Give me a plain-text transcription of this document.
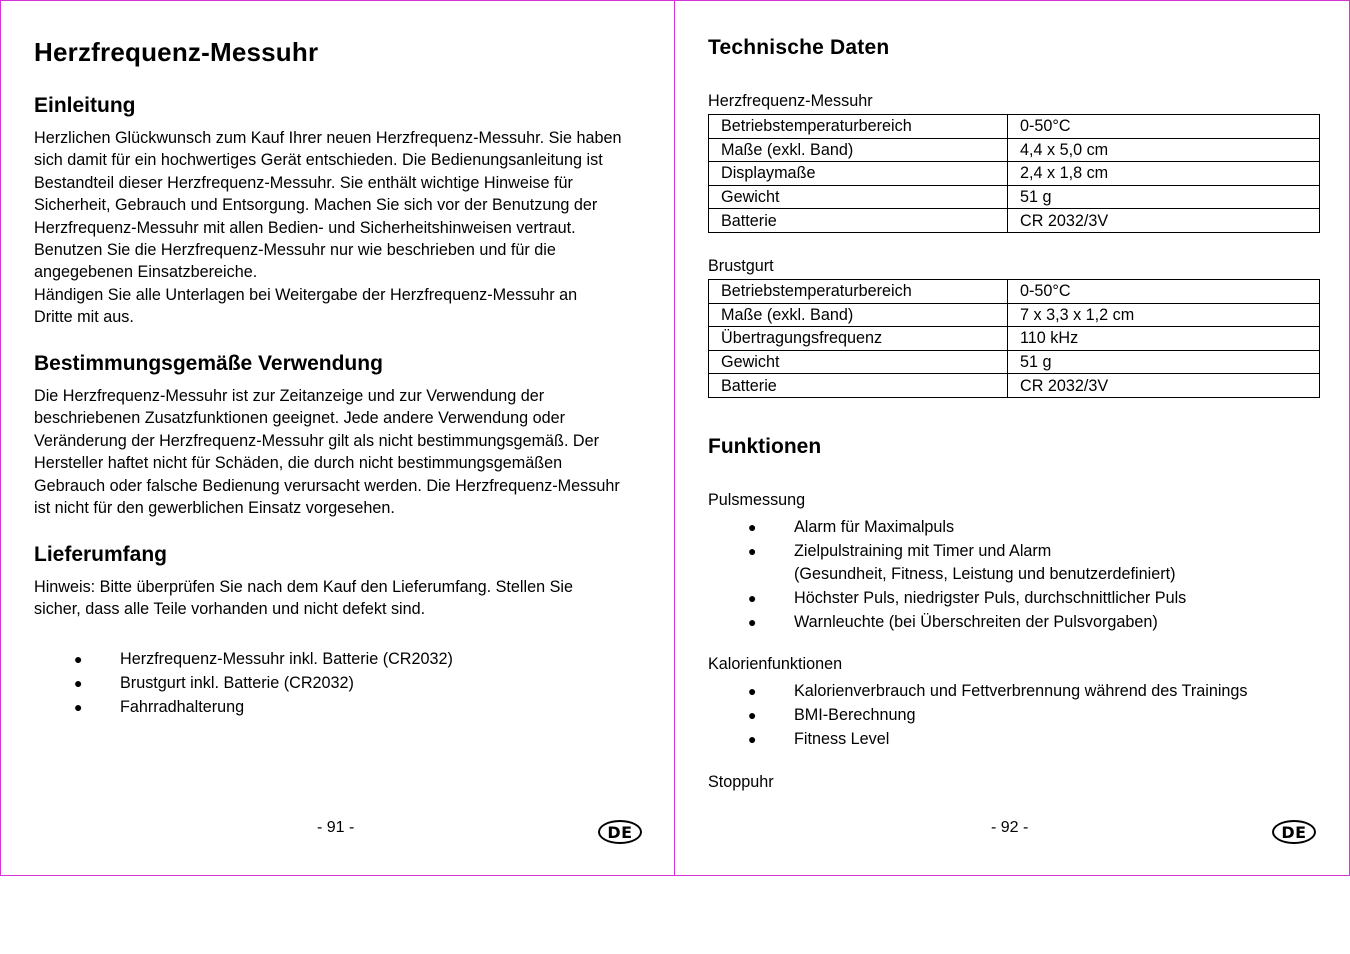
Herzfrequenz-Messuhr
Einleitung
Herzlichen Glückwunsch zum Kauf Ihrer neuen Herzfrequenz-Messuhr. Sie haben
sich damit für ein hochwertiges Gerät entschieden. Die Bedienungsanleitung ist
Bestandteil dieser Herzfrequenz-Messuhr. Sie enthält wichtige Hinweise für
Sicherheit, Gebrauch und Entsorgung. Machen Sie sich vor der Benutzung der
Herzfrequenz-Messuhr mit allen Bedien- und Sicherheitshinweisen vertraut.
Benutzen Sie die Herzfrequenz-Messuhr nur wie beschrieben und für die
angegebenen Einsatzbereiche.
Händigen Sie alle Unterlagen bei Weitergabe der Herzfrequenz-Messuhr an
Dritte mit aus.
Bestimmungsgemäße Verwendung
Die Herzfrequenz-Messuhr ist zur Zeitanzeige und zur Verwendung der
beschriebenen Zusatzfunktionen geeignet. Jede andere Verwendung oder
Veränderung der Herzfrequenz-Messuhr gilt als nicht bestimmungsgemäß. Der
Hersteller haftet nicht für Schäden, die durch nicht bestimmungsgemäßen
Gebrauch oder falsche Bedienung verursacht werden. Die Herzfrequenz-Messuhr
ist nicht für den gewerblichen Einsatz vorgesehen.
Lieferumfang
Hinweis: Bitte überprüfen Sie nach dem Kauf den Lieferumfang. Stellen Sie
sicher, dass alle Teile vorhanden und nicht defekt sind.
● Herzfrequenz-Messuhr inkl. Batterie (CR2032)
● Brustgurt inkl. Batterie (CR2032)
● Fahrradhalterung
- 91 -	DE
Technische Daten
Herzfrequenz-Messuhr
Betriebstemperaturbereich	0-50°C
Maße (exkl. Band)	4,4 x 5,0 cm
Displaymaße	2,4 x 1,8 cm
Gewicht	51 g
Batterie	CR 2032/3V
Brustgurt
Betriebstemperaturbereich	0-50°C
Maße (exkl. Band)	7 x 3,3 x 1,2 cm
Übertragungsfrequenz	110 kHz
Gewicht	51 g
Batterie	CR 2032/3V
Funktionen
Pulsmessung
● Alarm für Maximalpuls
● Zielpulstraining mit Timer und Alarm
(Gesundheit, Fitness, Leistung und benutzerdefiniert)
● Höchster Puls, niedrigster Puls, durchschnittlicher Puls
● Warnleuchte (bei Überschreiten der Pulsvorgaben)
Kalorienfunktionen
● Kalorienverbrauch und Fettverbrennung während des Trainings
● BMI-Berechnung
● Fitness Level
Stoppuhr
- 92 -	DE
